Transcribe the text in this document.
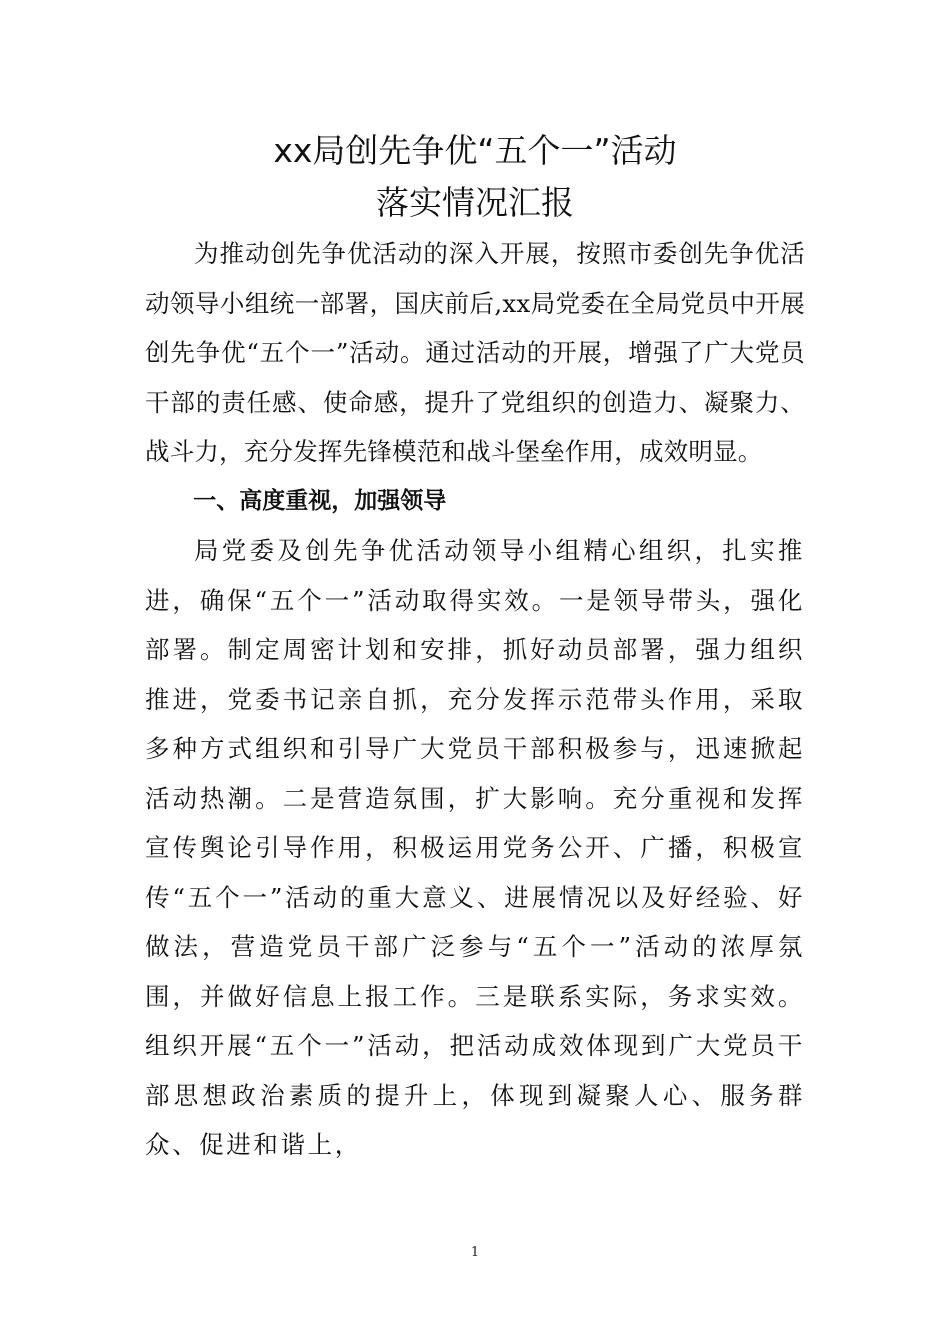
xx局创先争优“五个一”活动
落实情况汇报

为推动创先争优活动的深入开展，按照市委创先争优活动领导小组统一部署，国庆前后,xx局党委在全局党员中开展创先争优“五个一”活动。通过活动的开展，增强了广大党员干部的责任感、使命感，提升了党组织的创造力、凝聚力、战斗力，充分发挥先锋模范和战斗堡垒作用，成效明显。

一、高度重视，加强领导

局党委及创先争优活动领导小组精心组织，扎实推进，确保“五个一”活动取得实效。一是领导带头，强化部署。制定周密计划和安排，抓好动员部署，强力组织推进，党委书记亲自抓，充分发挥示范带头作用，采取多种方式组织和引导广大党员干部积极参与，迅速掀起活动热潮。二是营造氛围，扩大影响。充分重视和发挥宣传舆论引导作用，积极运用党务公开、广播，积极宣传“五个一”活动的重大意义、进展情况以及好经验、好做法，营造党员干部广泛参与“五个一”活动的浓厚氛围，并做好信息上报工作。三是联系实际，务求实效。组织开展“五个一”活动，把活动成效体现到广大党员干部思想政治素质的提升上，体现到凝聚人心、服务群众、促进和谐上，

1
